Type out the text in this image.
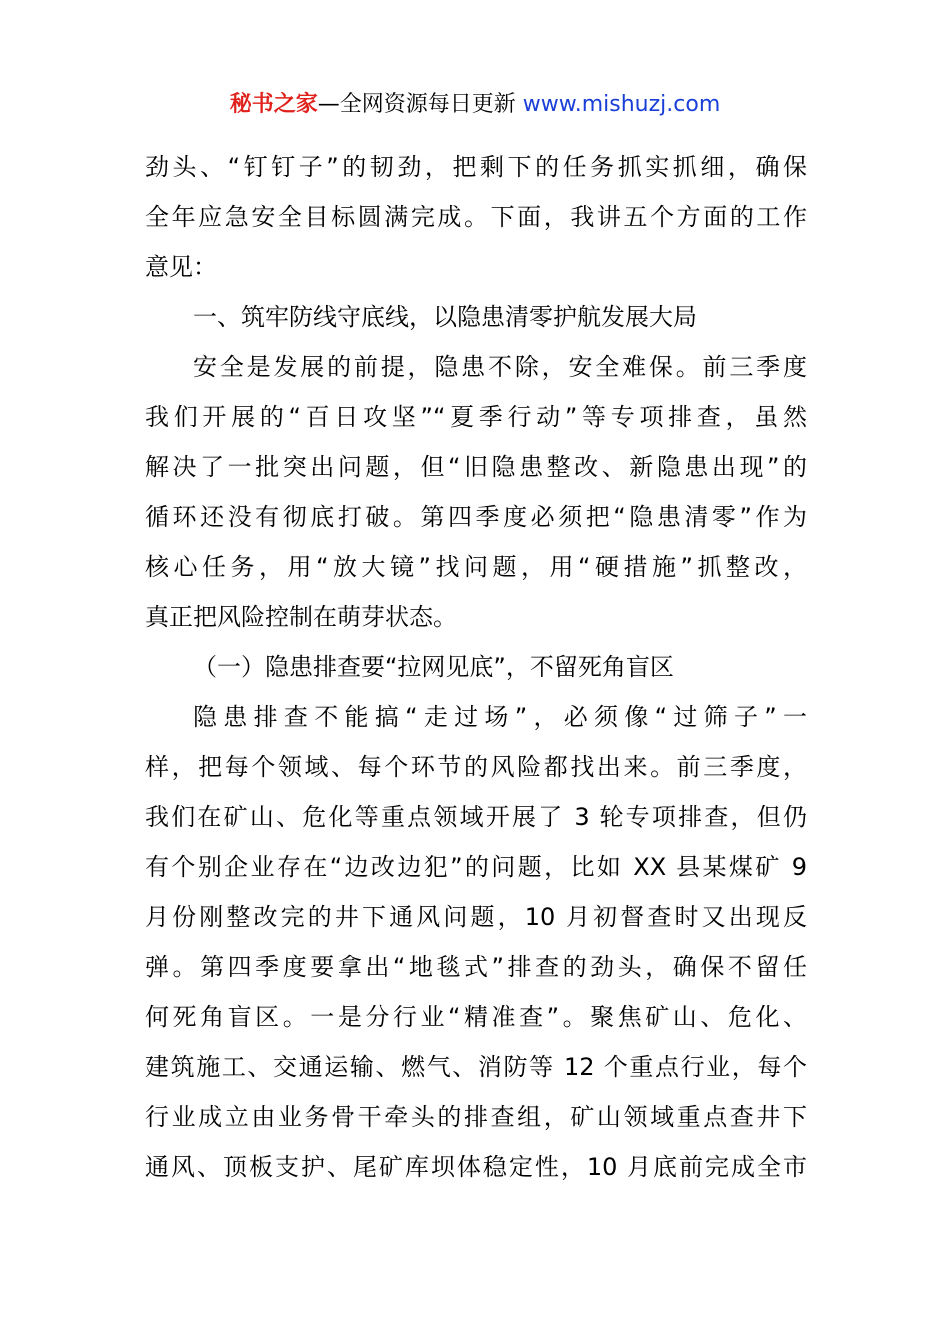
秘书之家—全网资源每日更新 www.mishuzj.com
劲头、“钉钉子”的韧劲，把剩下的任务抓实抓细，确保
全年应急安全目标圆满完成。下面，我讲五个方面的工作
意见：
一、筑牢防线守底线，以隐患清零护航发展大局
安全是发展的前提，隐患不除，安全难保。前三季度
我们开展的“百日攻坚”“夏季行动”等专项排查，虽然
解决了一批突出问题，但“旧隐患整改、新隐患出现”的
循环还没有彻底打破。第四季度必须把“隐患清零”作为
核心任务，用“放大镜”找问题，用“硬措施”抓整改，
真正把风险控制在萌芽状态。
（一）隐患排查要“拉网见底”，不留死角盲区
隐患排查不能搞“走过场”，必须像“过筛子”一
样，把每个领域、每个环节的风险都找出来。前三季度，
我们在矿山、危化等重点领域开展了 3 轮专项排查，但仍
有个别企业存在“边改边犯”的问题，比如 XX 县某煤矿 9
月份刚整改完的井下通风问题，10 月初督查时又出现反
弹。第四季度要拿出“地毯式”排查的劲头，确保不留任
何死角盲区。一是分行业“精准查”。聚焦矿山、危化、
建筑施工、交通运输、燃气、消防等 12 个重点行业，每个
行业成立由业务骨干牵头的排查组，矿山领域重点查井下
通风、顶板支护、尾矿库坝体稳定性，10 月底前完成全市
